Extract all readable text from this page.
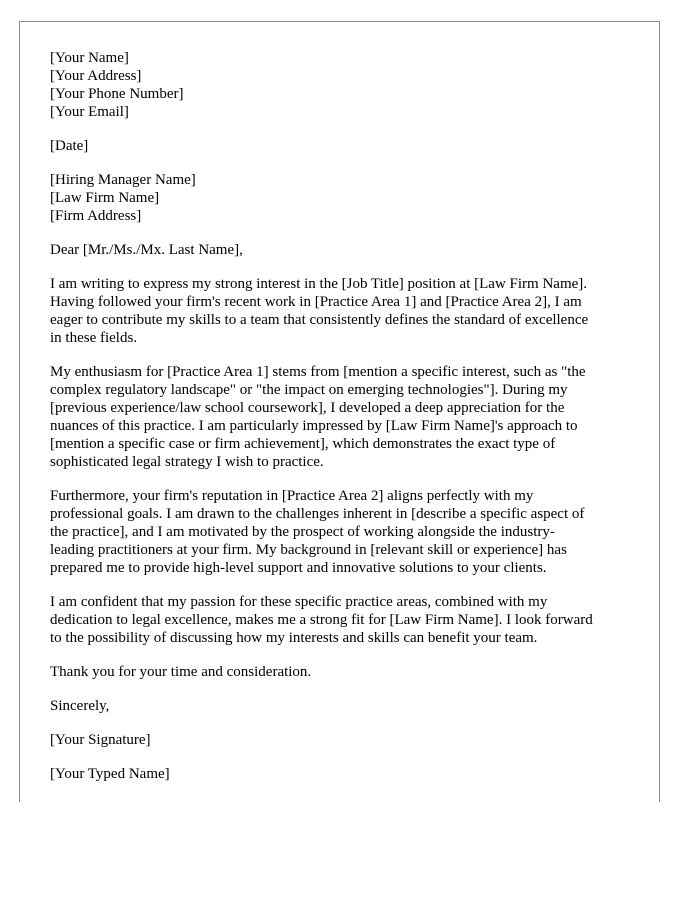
[Your Name]
[Your Address]
[Your Phone Number]
[Your Email]
[Date]
[Hiring Manager Name]
[Law Firm Name]
[Firm Address]
Dear [Mr./Ms./Mx. Last Name],
I am writing to express my strong interest in the [Job Title] position at [Law Firm Name].
Having followed your firm's recent work in [Practice Area 1] and [Practice Area 2], I am
eager to contribute my skills to a team that consistently defines the standard of excellence
in these fields.
My enthusiasm for [Practice Area 1] stems from [mention a specific interest, such as "the
complex regulatory landscape" or "the impact on emerging technologies"]. During my
[previous experience/law school coursework], I developed a deep appreciation for the
nuances of this practice. I am particularly impressed by [Law Firm Name]'s approach to
[mention a specific case or firm achievement], which demonstrates the exact type of
sophisticated legal strategy I wish to practice.
Furthermore, your firm's reputation in [Practice Area 2] aligns perfectly with my
professional goals. I am drawn to the challenges inherent in [describe a specific aspect of
the practice], and I am motivated by the prospect of working alongside the industry-
leading practitioners at your firm. My background in [relevant skill or experience] has
prepared me to provide high-level support and innovative solutions to your clients.
I am confident that my passion for these specific practice areas, combined with my
dedication to legal excellence, makes me a strong fit for [Law Firm Name]. I look forward
to the possibility of discussing how my interests and skills can benefit your team.
Thank you for your time and consideration.
Sincerely,
[Your Signature]
[Your Typed Name]
